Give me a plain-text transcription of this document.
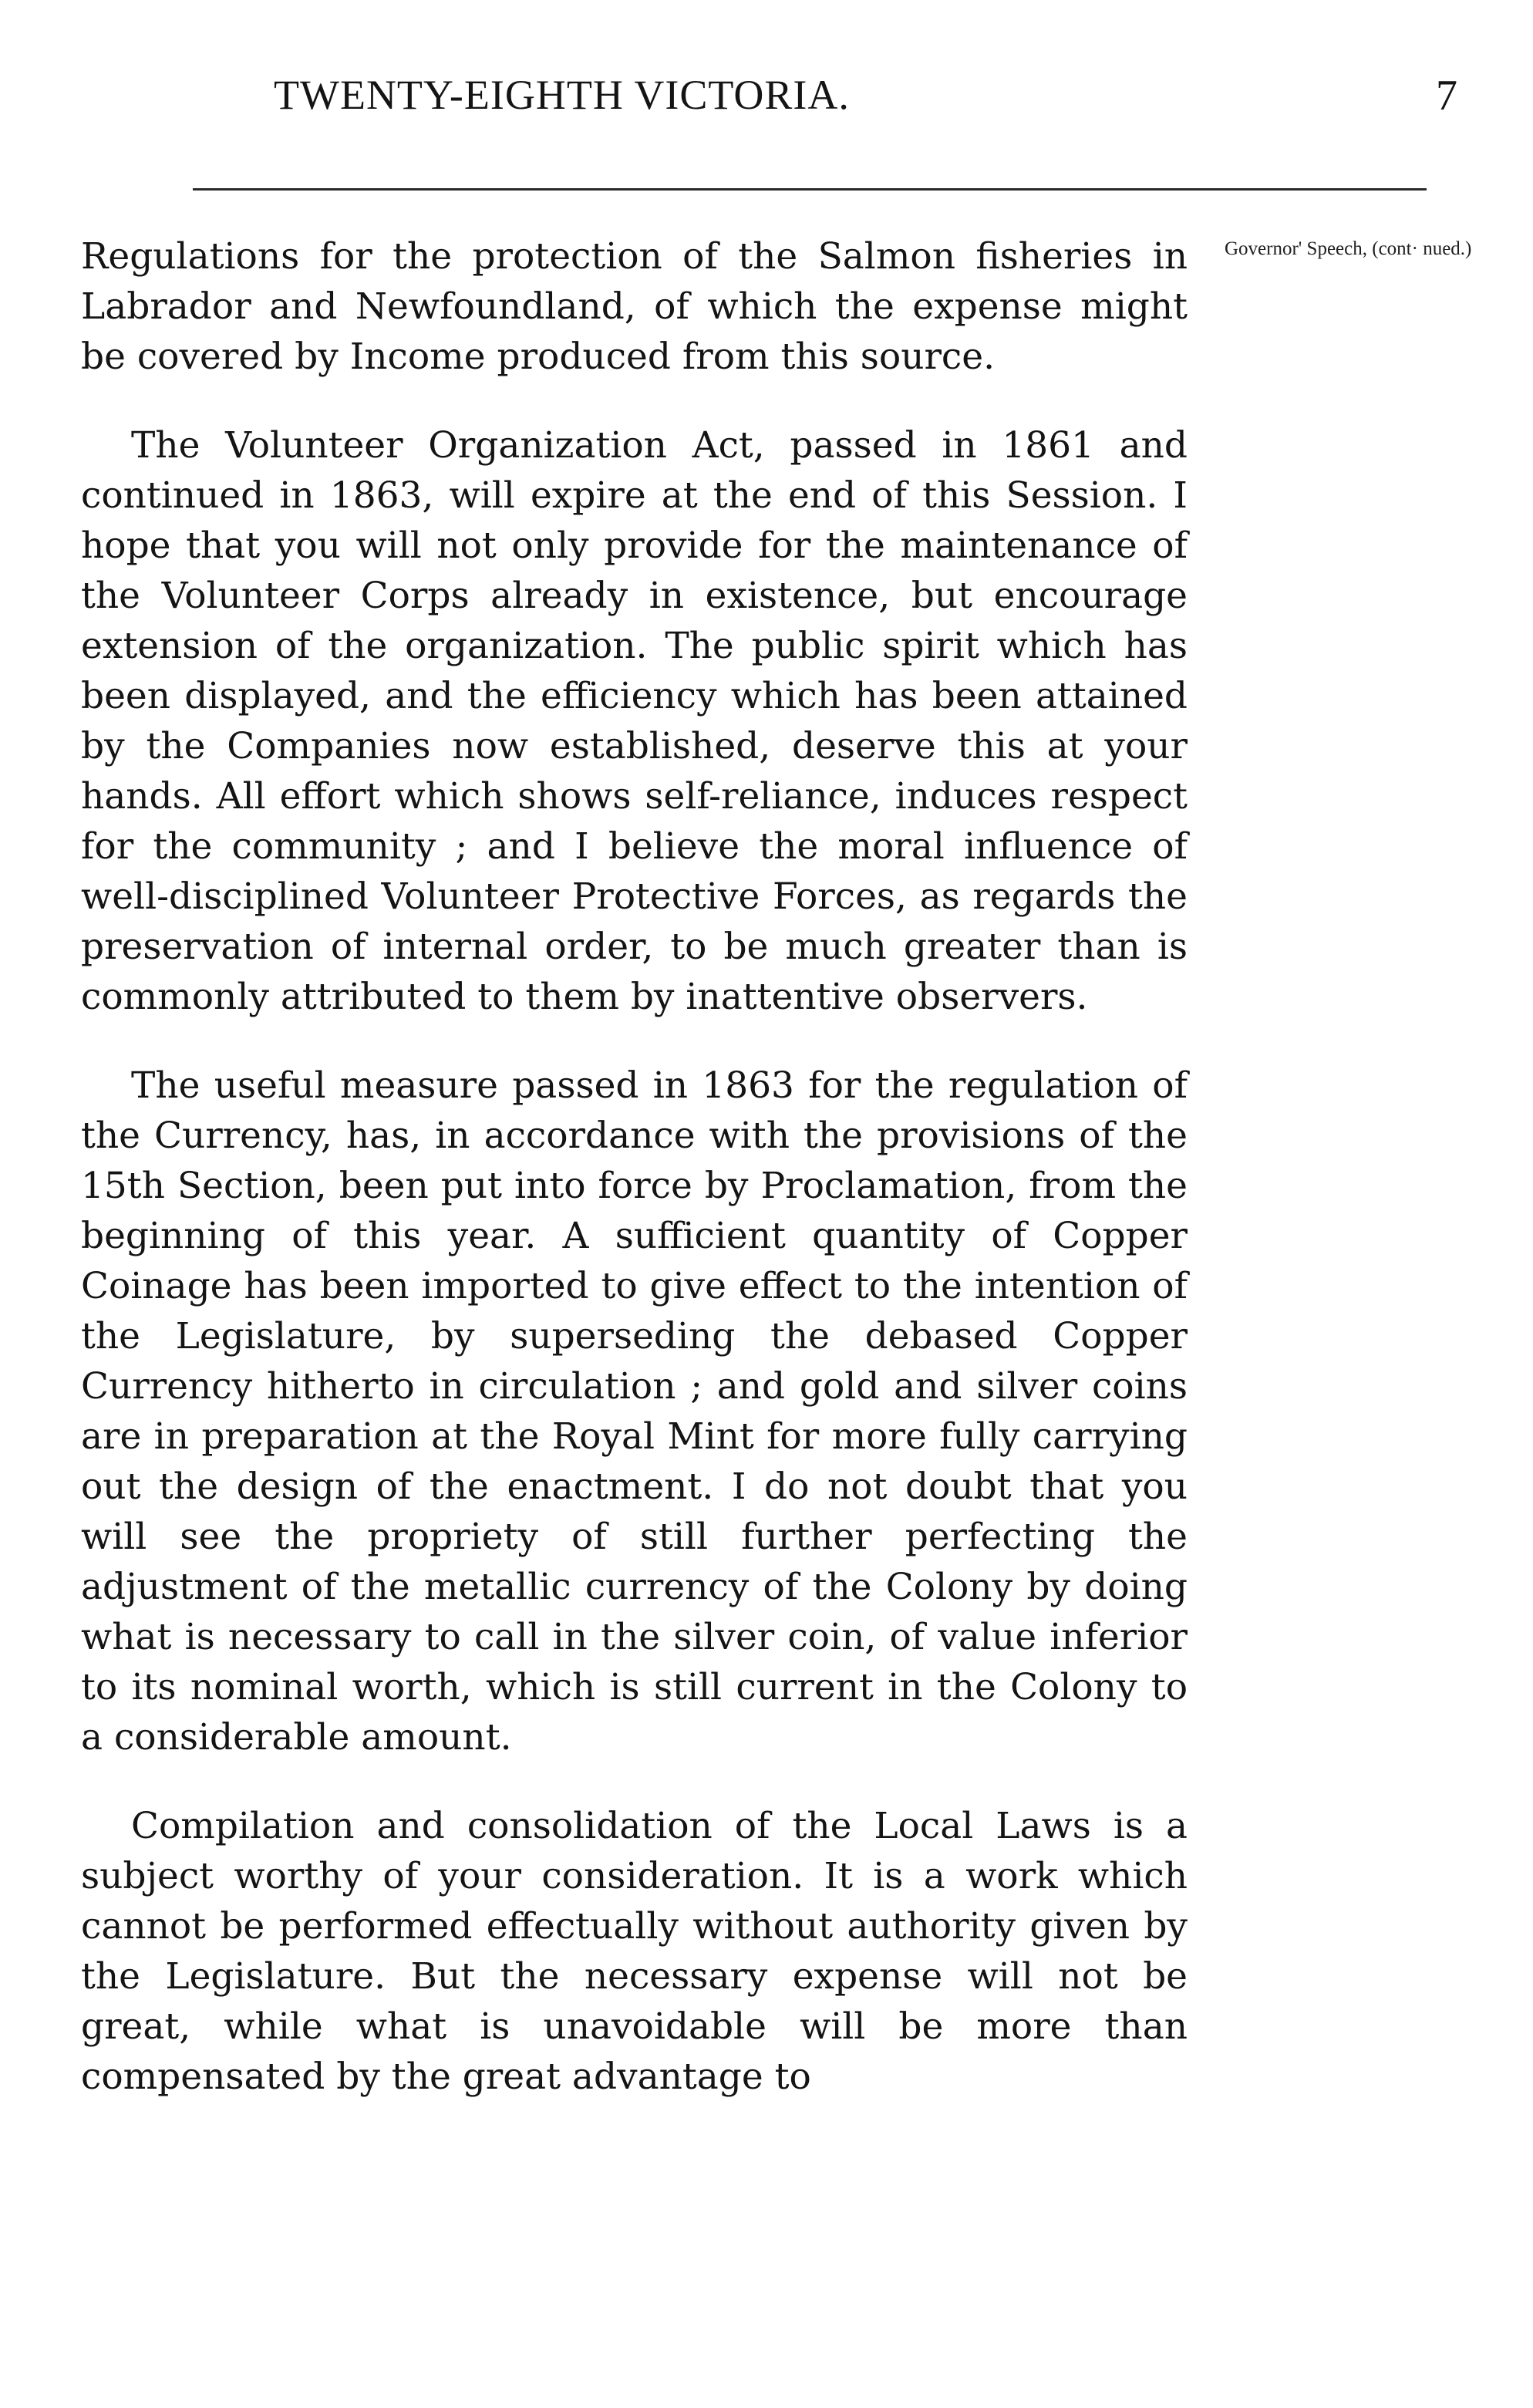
TWENTY-EIGHTH VICTORIA.	7
Governor' Speech, (cont· nued.)

Regulations for the protection of the Salmon fisheries in Labrador and Newfoundland, of which the expense might be covered by Income produced from this source.

The Volunteer Organization Act, passed in 1861 and continued in 1863, will expire at the end of this Session. I hope that you will not only provide for the maintenance of the Volunteer Corps already in existence, but encourage extension of the organization. The public spirit which has been displayed, and the efficiency which has been attained by the Companies now established, deserve this at your hands. All effort which shows self-reliance, induces respect for the community ; and I believe the moral influence of well-disciplined Volunteer Protective Forces, as regards the preservation of internal order, to be much greater than is commonly attributed to them by inattentive observers.

The useful measure passed in 1863 for the regulation of the Currency, has, in accordance with the provisions of the 15th Section, been put into force by Proclamation, from the beginning of this year. A sufficient quantity of Copper Coinage has been imported to give effect to the intention of the Legislature, by superseding the debased Copper Currency hitherto in circulation ; and gold and silver coins are in preparation at the Royal Mint for more fully carrying out the design of the enactment. I do not doubt that you will see the propriety of still further perfecting the adjustment of the metallic currency of the Colony by doing what is necessary to call in the silver coin, of value inferior to its nominal worth, which is still current in the Colony to a considerable amount.

Compilation and consolidation of the Local Laws is a subject worthy of your consideration. It is a work which cannot be performed effectually without authority given by the Legislature. But the necessary expense will not be great, while what is unavoidable will be more than compensated by the great advantage to
